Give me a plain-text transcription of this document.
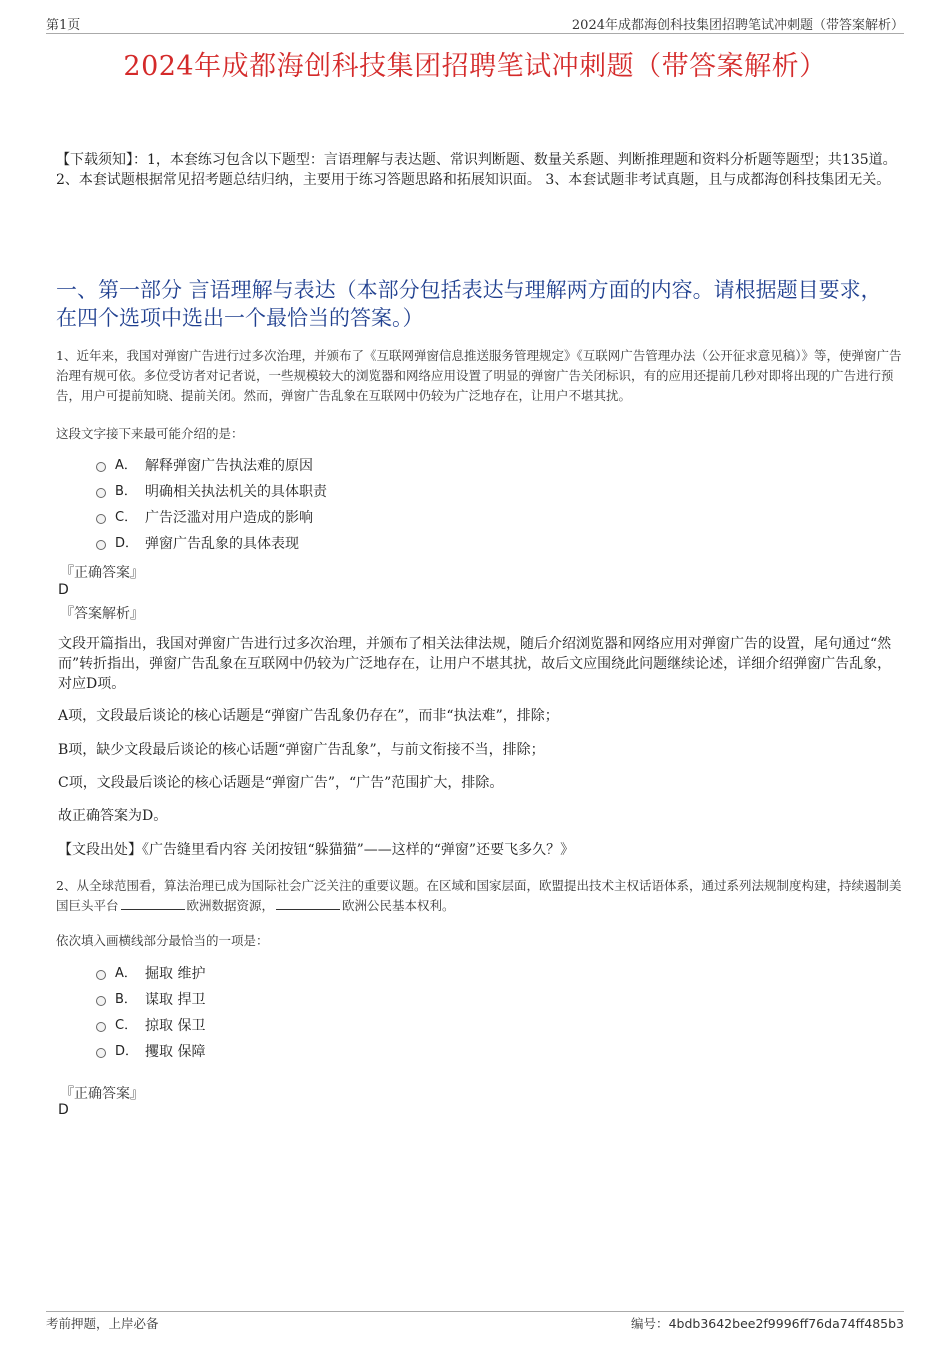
第1页	2024年成都海创科技集团招聘笔试冲刺题（带答案解析）
2024年成都海创科技集团招聘笔试冲刺题（带答案解析）
【下载须知】：1，本套练习包含以下题型：言语理解与表达题、常识判断题、数量关系题、判断推理题和资料分析题等题型；共135道。 2、本套试题根据常见招考题总结归纳，主要用于练习答题思路和拓展知识面。 3、本套试题非考试真题，且与成都海创科技集团无关。
一、第一部分 言语理解与表达（本部分包括表达与理解两方面的内容。请根据题目要求，在四个选项中选出一个最恰当的答案。）
1、近年来，我国对弹窗广告进行过多次治理，并颁布了《互联网弹窗信息推送服务管理规定》《互联网广告管理办法（公开征求意见稿）》等，使弹窗广告治理有规可依。多位受访者对记者说，一些规模较大的浏览器和网络应用设置了明显的弹窗广告关闭标识，有的应用还提前几秒对即将出现的广告进行预告，用户可提前知晓、提前关闭。然而，弹窗广告乱象在互联网中仍较为广泛地存在，让用户不堪其扰。
这段文字接下来最可能介绍的是：
A． 解释弹窗广告执法难的原因
B． 明确相关执法机关的具体职责
C． 广告泛滥对用户造成的影响
D． 弹窗广告乱象的具体表现
『正确答案』
D
『答案解析』
文段开篇指出，我国对弹窗广告进行过多次治理，并颁布了相关法律法规，随后介绍浏览器和网络应用对弹窗广告的设置，尾句通过“然而”转折指出，弹窗广告乱象在互联网中仍较为广泛地存在，让用户不堪其扰，故后文应围绕此问题继续论述，详细介绍弹窗广告乱象，对应D项。
A项，文段最后谈论的核心话题是“弹窗广告乱象仍存在”，而非“执法难”，排除；
B项，缺少文段最后谈论的核心话题“弹窗广告乱象”，与前文衔接不当，排除；
C项，文段最后谈论的核心话题是“弹窗广告”，“广告”范围扩大，排除。
故正确答案为D。
【文段出处】《广告缝里看内容 关闭按钮“躲猫猫”——这样的“弹窗”还要飞多久？》
2、从全球范围看，算法治理已成为国际社会广泛关注的重要议题。在区域和国家层面，欧盟提出技术主权话语体系，通过系列法规制度构建，持续遏制美国巨头平台	欧洲数据资源，	欧洲公民基本权利。
依次填入画横线部分最恰当的一项是：
A． 掘取 维护
B． 谋取 捍卫
C． 掠取 保卫
D． 攫取 保障
『正确答案』
D
考前押题，上岸必备	编号：4bdb3642bee2f9996ff76da74ff485b3
